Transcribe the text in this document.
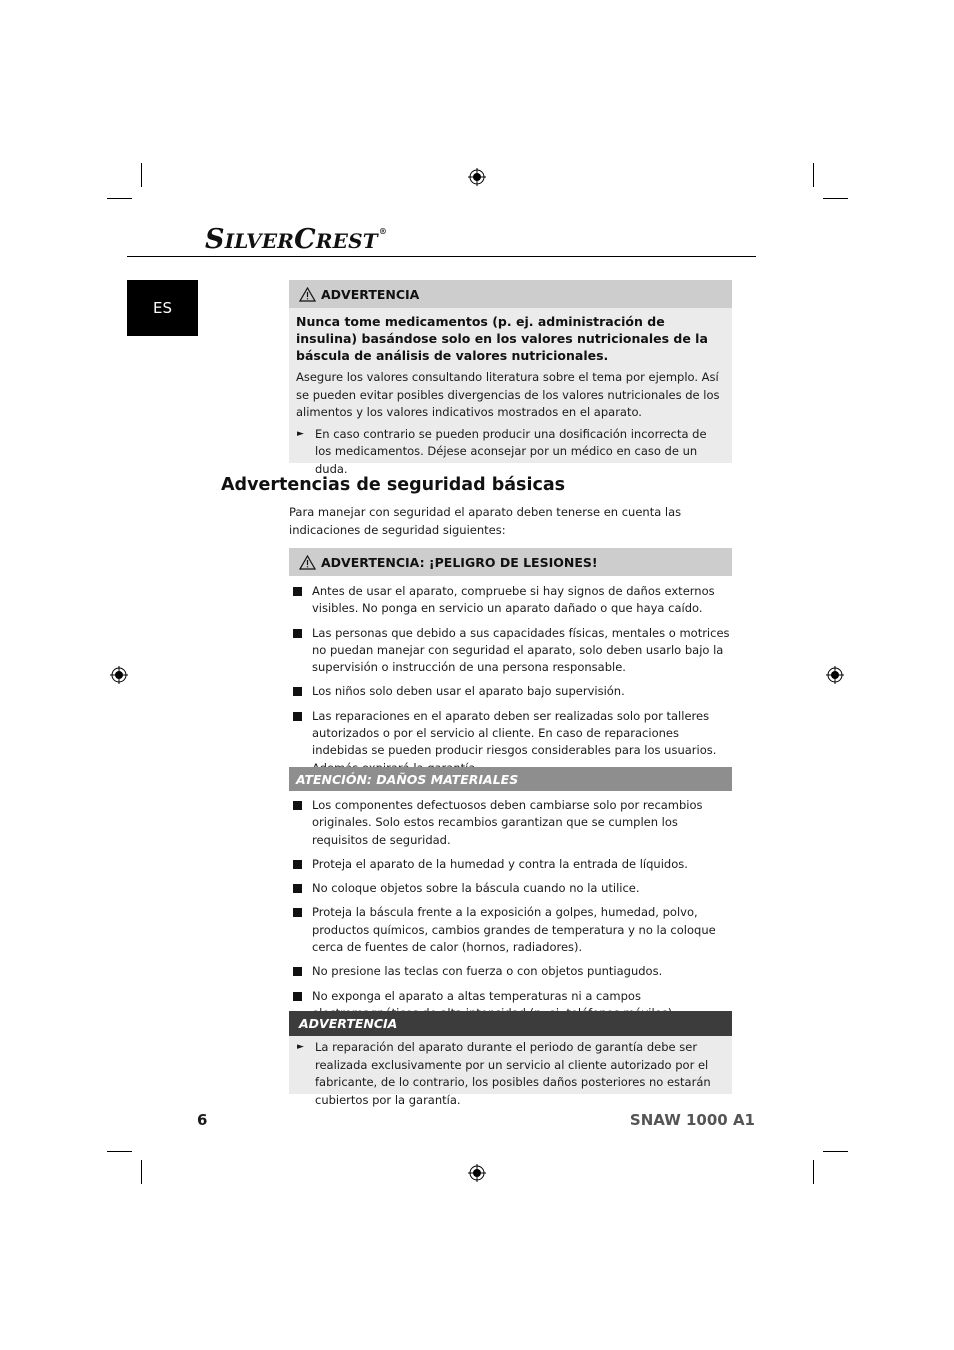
SILVERCREST®
ES
ADVERTENCIA

Nunca tome medicamentos (p. ej. administración de insulina) basándose solo en los valores nutricionales de la báscula de análisis de valores nutricionales.

Asegure los valores consultando literatura sobre el tema por ejemplo. Así se pueden evitar posibles divergencias de los valores nutricionales de los alimentos y los valores indicativos mostrados en el aparato.

► En caso contrario se pueden producir una dosificación incorrecta de los medicamentos. Déjese aconsejar por un médico en caso de un duda.
Advertencias de seguridad básicas

Para manejar con seguridad el aparato deben tenerse en cuenta las indicaciones de seguridad siguientes:

ADVERTENCIA: ¡PELIGRO DE LESIONES!
Antes de usar el aparato, compruebe si hay signos de daños externos visibles. No ponga en servicio un aparato dañado o que haya caído.
Las personas que debido a sus capacidades físicas, mentales o motrices no puedan manejar con seguridad el aparato, solo deben usarlo bajo la supervisión o instrucción de una persona responsable.
Los niños solo deben usar el aparato bajo supervisión.
Las reparaciones en el aparato deben ser realizadas solo por talleres autorizados o por el servicio al cliente. En caso de reparaciones indebidas se pueden producir riesgos considerables para los usuarios.
ATENCIÓN: DAÑOS MATERIALES
Los componentes defectuosos deben cambiarse solo por recambios originales. Solo estos recambios garantizan que se cumplen los requisitos de seguridad.
Proteja el aparato de la humedad y contra la entrada de líquidos.
No coloque objetos sobre la báscula cuando no la utilice.
Proteja la báscula frente a la exposición a golpes, humedad, polvo, productos químicos, cambios grandes de temperatura y no la coloque cerca de fuentes de calor (hornos, radiadores).
No presione las teclas con fuerza o con objetos puntiagudos.
No exponga el aparato a altas temperaturas ni a campos
ADVERTENCIA
► La reparación del aparato durante el periodo de garantía debe ser realizada exclusivamente por un servicio al cliente autorizado por el fabricante, de lo contrario, los posibles daños posteriores no estarán cubiertos por la garantía.
6	SNAW 1000 A1
